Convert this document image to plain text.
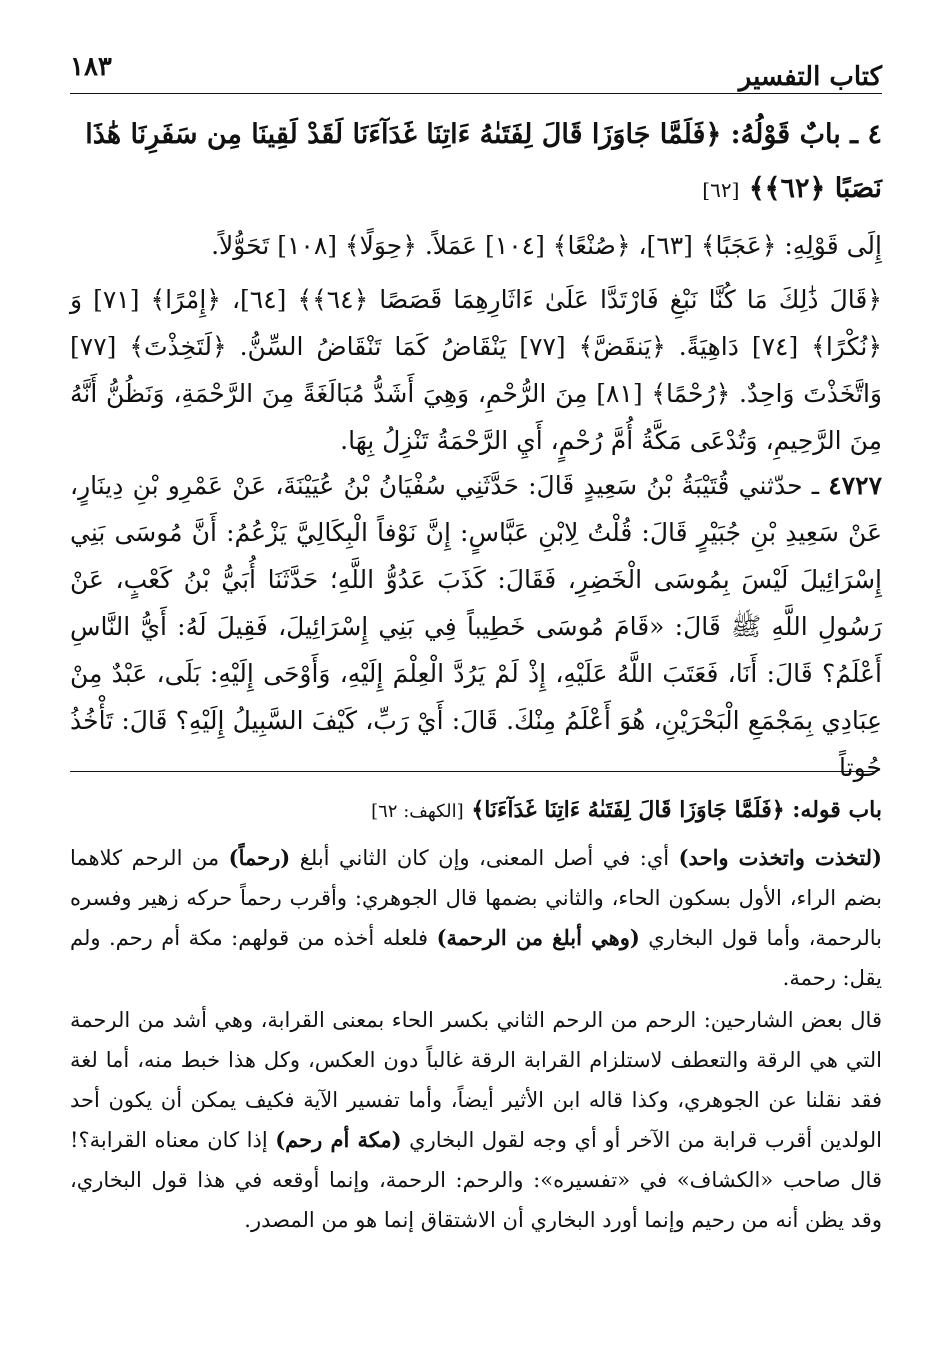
١٨٣	كتاب التفسير
٤ ـ بابٌ قَوْلُهُ: ﴿فَلَمَّا جَاوَزَا قَالَ لِفَتَىٰهُ ءَاتِنَا غَدَآءَنَا لَقَدْ لَقِينَا مِن سَفَرِنَا هَٰذَا نَصَبًا ﴿٦٢﴾﴾ [٦٢]

إِلَى قَوْلِهِ: ﴿عَجَبًا﴾ [٦٣]، ﴿صُنْعًا﴾ [١٠٤] عَمَلاً. ﴿حِوَلًا﴾ [١٠٨] تَحَوُّلاً.

﴿قَالَ ذَٰلِكَ مَا كُنَّا نَبْغِ فَارْتَدَّا عَلَىٰ ءَاثَارِهِمَا قَصَصًا ﴿٦٤﴾﴾ [٦٤]، ﴿إِمْرًا﴾ [٧١] وَ ﴿نُكْرًا﴾ [٧٤] دَاهِيَةً. ﴿يَنقَضَّ﴾ [٧٧] يَنْقَاضُ كَمَا تَنْقَاضُ السِّنُّ. ﴿لَتَخِذْتَ﴾ [٧٧] وَاتَّخَذْتَ وَاحِدٌ. ﴿رُحْمًا﴾ [٨١] مِنَ الرُّحْمِ، وَهِيَ أَشَدُّ مُبَالَغَةً مِنَ الرَّحْمَةِ، وَنَظُنُّ أَنَّهُ مِنَ الرَّحِيمِ، وَتُدْعَى مَكَّةُ أُمَّ رُحْمٍ، أَيِ الرَّحْمَةُ تَنْزِلُ بِهَا.

٤٧٢٧ ـ حدّثني قُتَيْبَةُ بْنُ سَعِيدٍ قَالَ: حَدَّثَنِي سُفْيَانُ بْنُ عُيَيْنَةَ، عَنْ عَمْرِو بْنِ دِينَارٍ، عَنْ سَعِيدِ بْنِ جُبَيْرٍ قَالَ: قُلْتُ لِابْنِ عَبَّاسٍ: إِنَّ نَوْفاً الْبِكَالِيَّ يَزْعُمُ: أَنَّ مُوسَى بَنِي إِسْرَائِيلَ لَيْسَ بِمُوسَى الْخَضِرِ، فَقَالَ: كَذَبَ عَدُوُّ اللَّهِ؛ حَدَّثَنَا أُبَيُّ بْنُ كَعْبٍ، عَنْ رَسُولِ اللَّهِ ﷺ قَالَ: «قَامَ مُوسَى خَطِيباً فِي بَنِي إِسْرَائِيلَ، فَقِيلَ لَهُ: أَيُّ النَّاسِ أَعْلَمُ؟ قَالَ: أَنَا، فَعَتَبَ اللَّهُ عَلَيْهِ، إِذْ لَمْ يَرُدَّ الْعِلْمَ إِلَيْهِ، وَأَوْحَى إِلَيْهِ: بَلَى، عَبْدٌ مِنْ عِبَادِي بِمَجْمَعِ الْبَحْرَيْنِ، هُوَ أَعْلَمُ مِنْكَ. قَالَ: أَيْ رَبِّ، كَيْفَ السَّبِيلُ إِلَيْهِ؟ قَالَ: تَأْخُذُ حُوتاً

باب قوله: ﴿فَلَمَّا جَاوَزَا قَالَ لِفَتَىٰهُ ءَاتِنَا غَدَآءَنَا﴾ [الكهف: ٦٢]

(لتخذت واتخذت واحد) أي: في أصل المعنى، وإن كان الثاني أبلغ (رحماً) من الرحم كلاهما بضم الراء، الأول بسكون الحاء، والثاني بضمها قال الجوهري: وأقرب رحماً حركه زهير وفسره بالرحمة، وأما قول البخاري (وهي أبلغ من الرحمة) فلعله أخذه من قولهم: مكة أم رحم. ولم يقل: رحمة.

قال بعض الشارحين: الرحم من الرحم الثاني بكسر الحاء بمعنى القرابة، وهي أشد من الرحمة التي هي الرقة والتعطف لاستلزام القرابة الرقة غالباً دون العكس، وكل هذا خبط منه، أما لغة فقد نقلنا عن الجوهري، وكذا قاله ابن الأثير أيضاً، وأما تفسير الآية فكيف يمكن أن يكون أحد الولدين أقرب قرابة من الآخر أو أي وجه لقول البخاري (مكة أم رحم) إذا كان معناه القرابة؟! قال صاحب «الكشاف» في «تفسيره»: والرحم: الرحمة، وإنما أوقعه في هذا قول البخاري، وقد يظن أنه من رحيم وإنما أورد البخاري أن الاشتقاق إنما هو من المصدر.
